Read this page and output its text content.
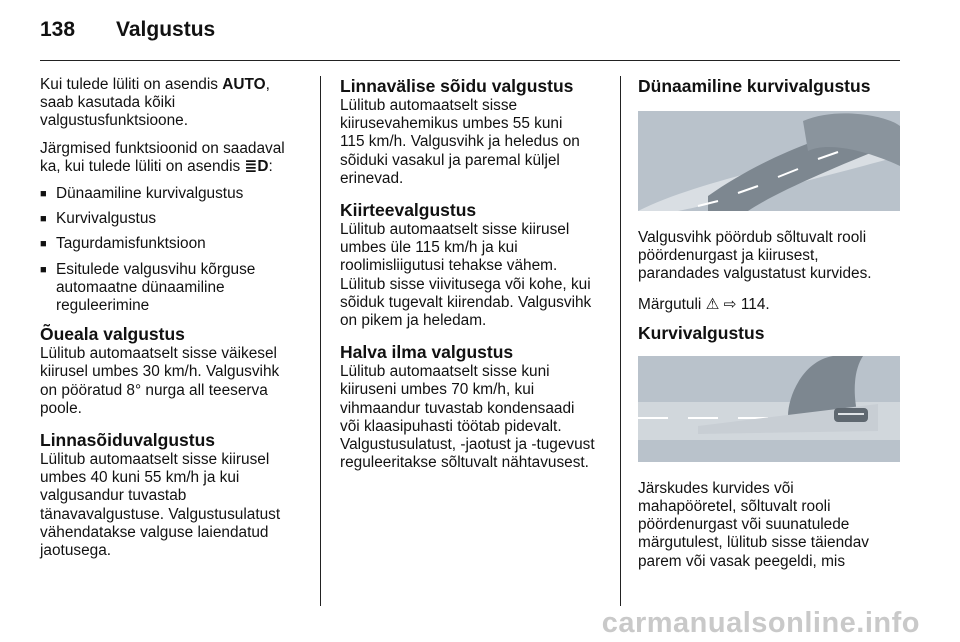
138 Valgustus

Kui tulede lüliti on asendis AUTO,
saab kasutada kõiki
valgustusfunktsioone.

Järgmised funktsioonid on saadaval
ka, kui tulede lüliti on asendis ≣D:

■ Dünaamiline kurvivalgustus
■ Kurvivalgustus
■ Tagurdamisfunktsioon
■ Esitulede valgusvihu kõrguse
automaatne dünaamiline
reguleerimine
Õueala valgustus
Lülitub automaatselt sisse väikesel
kiirusel umbes 30 km/h. Valgusvihk
on pööratud 8° nurga all teeserva
poole.
Linnasõiduvalgustus
Lülitub automaatselt sisse kiirusel
umbes 40 kuni 55 km/h ja kui
valgusandur tuvastab
tänavavalgustuse. Valgustusulatust
vähendatakse valguse laiendatud
jaotusega.
Linnavälise sõidu valgustus
Lülitub automaatselt sisse
kiirusevahemikus umbes 55 kuni
115 km/h. Valgusvihk ja heledus on
sõiduki vasakul ja paremal küljel
erinevad.
Kiirteevalgustus
Lülitub automaatselt sisse kiirusel
umbes üle 115 km/h ja kui
roolimisliigutusi tehakse vähem.
Lülitub sisse viivitusega või kohe, kui
sõiduk tugevalt kiirendab. Valgusvihk
on pikem ja heledam.
Halva ilma valgustus
Lülitub automaatselt sisse kuni
kiiruseni umbes 70 km/h, kui
vihmaandur tuvastab kondensaadi
või klaasipuhasti töötab pidevalt.
Valgustusulatust, -jaotust ja -tugevust
reguleeritakse sõltuvalt nähtavusest.
Dünaamiline kurvivalgustus
Valgusvihk pöördub sõltuvalt rooli
pöördenurgast ja kiirusest,
parandades valgustatust kurvides.

Märgutuli ⚠ ⇨ 114.

Kurvivalgustus
Järskudes kurvides või
mahapööretel, sõltuvalt rooli
pöördenurgast või suunatulede
märgutulest, lülitub sisse täiendav
parem või vasak peegeldi, mis
carmanualsonline.info
